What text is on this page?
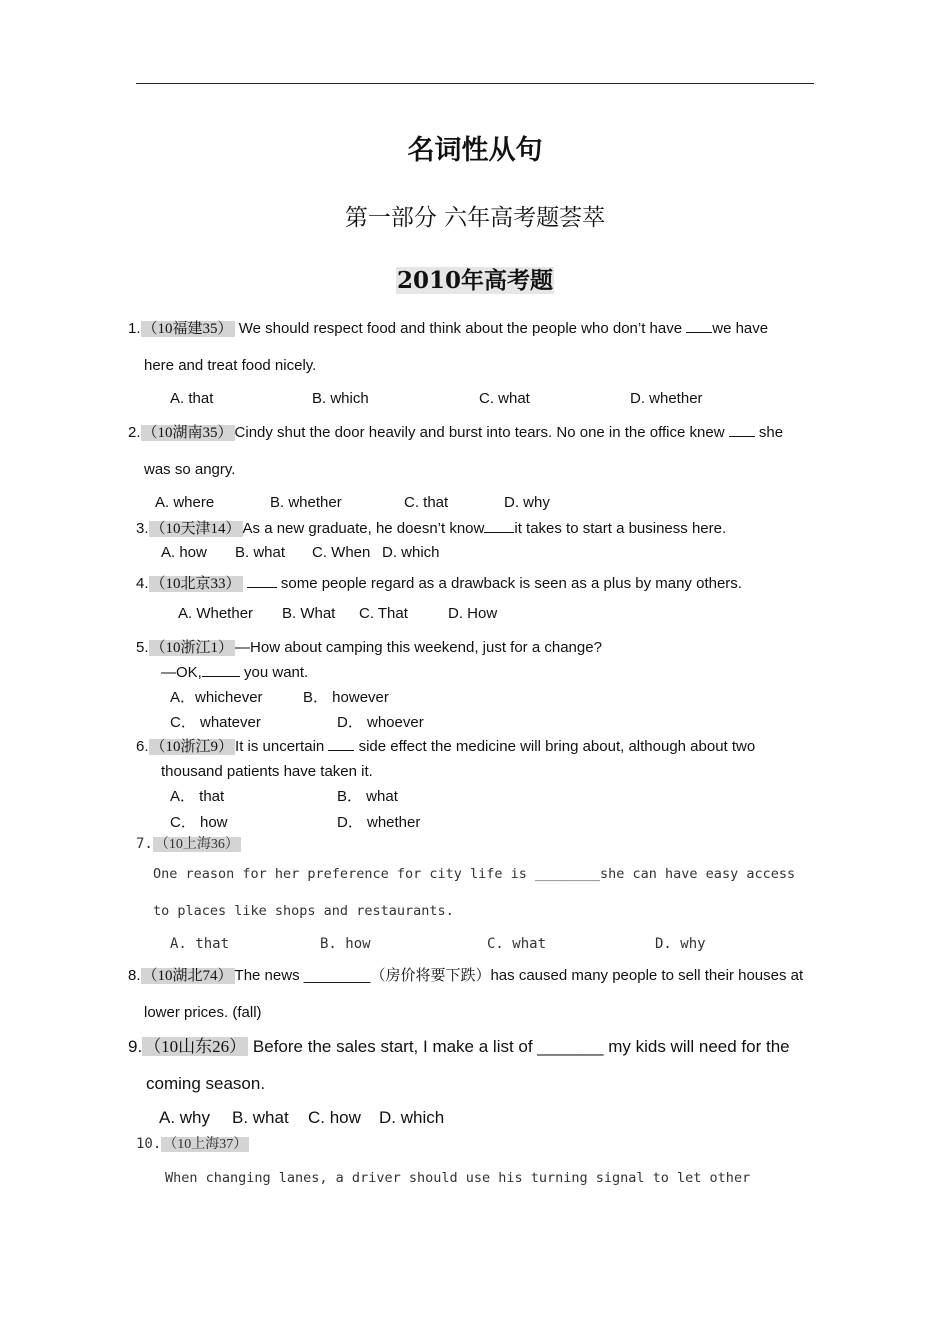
名词性从句
第一部分 六年高考题荟萃
2010年高考题
1. （10福建35） We should respect food and think about the people who don’t have we have
here and treat food nicely.
A. that	B. which	C. what	D. whether
2. （10湖南35） Cindy shut the door heavily and burst into tears. No one in the office knew  she
was so angry.
A. where	B. whether	C. that	D. why
3. （10天津14） As a new graduate, he doesn’t know it takes to start a business here.
A. how B. what C. When D. which
4. （10北京33）  some people regard as a drawback is seen as a plus by many others.
A. Whether B. What C. That	D. How
5. （10浙江1） —How about camping this weekend, just for a change?
—OK,	you want.
A．whichever	B． however
C． whatever	D． whoever
6. （10浙江9） It is uncertain  side effect the medicine will bring about, although about two
thousand patients have taken it.
A． that	B． what
C． how	D． whether
7. （10上海36）
One reason for her preference for city life is ________she can have easy access
to places like shops and restaurants.
A. that	B. how	C. what	D. why
8. （10湖北74） The news ________（房价将要下跌）has caused many people to sell their houses at
lower prices. (fall)
9. （10山东26） Before the sales start, I make a list of _______ my kids will need for the
coming season.
A. why B. what C. how D. which
10. （10上海37）
When changing lanes, a driver should use his turning signal to let other
